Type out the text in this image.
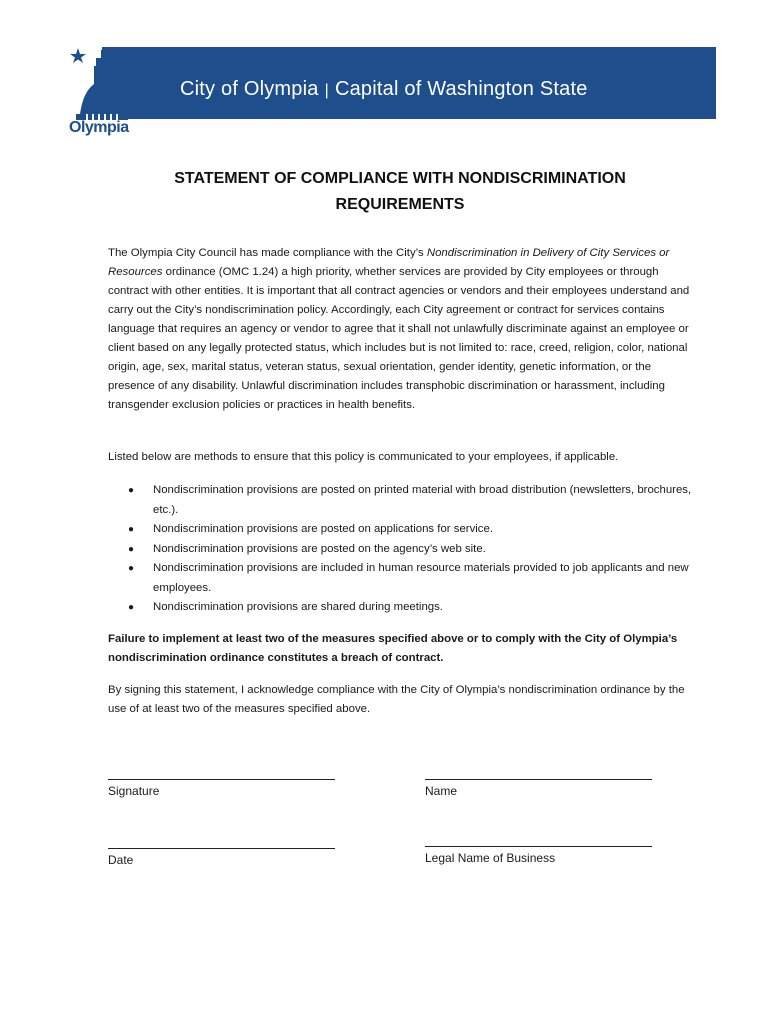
Olympia
City of Olympia | Capital of Washington State
STATEMENT OF COMPLIANCE WITH NONDISCRIMINATION
REQUIREMENTS

The Olympia City Council has made compliance with the City’s Nondiscrimination in Delivery of City Services or Resources ordinance (OMC 1.24) a high priority, whether services are provided by City employees or through contract with other entities. It is important that all contract agencies or vendors and their employees understand and carry out the City’s nondiscrimination policy. Accordingly, each City agreement or contract for services contains language that requires an agency or vendor to agree that it shall not unlawfully discriminate against an employee or client based on any legally protected status, which includes but is not limited to: race, creed, religion, color, national origin, age, sex, marital status, veteran status, sexual orientation, gender identity, genetic information, or the presence of any disability. Unlawful discrimination includes transphobic discrimination or harassment, including transgender exclusion policies or practices in health benefits.

Listed below are methods to ensure that this policy is communicated to your employees, if applicable.

● Nondiscrimination provisions are posted on printed material with broad distribution (newsletters, brochures, etc.).
● Nondiscrimination provisions are posted on applications for service.
● Nondiscrimination provisions are posted on the agency’s web site.
● Nondiscrimination provisions are included in human resource materials provided to job applicants and new employees.
● Nondiscrimination provisions are shared during meetings.

Failure to implement at least two of the measures specified above or to comply with the City of Olympia’s nondiscrimination ordinance constitutes a breach of contract.

By signing this statement, I acknowledge compliance with the City of Olympia’s nondiscrimination ordinance by the use of at least two of the measures specified above.

Signature	Name
Date	Legal Name of Business
